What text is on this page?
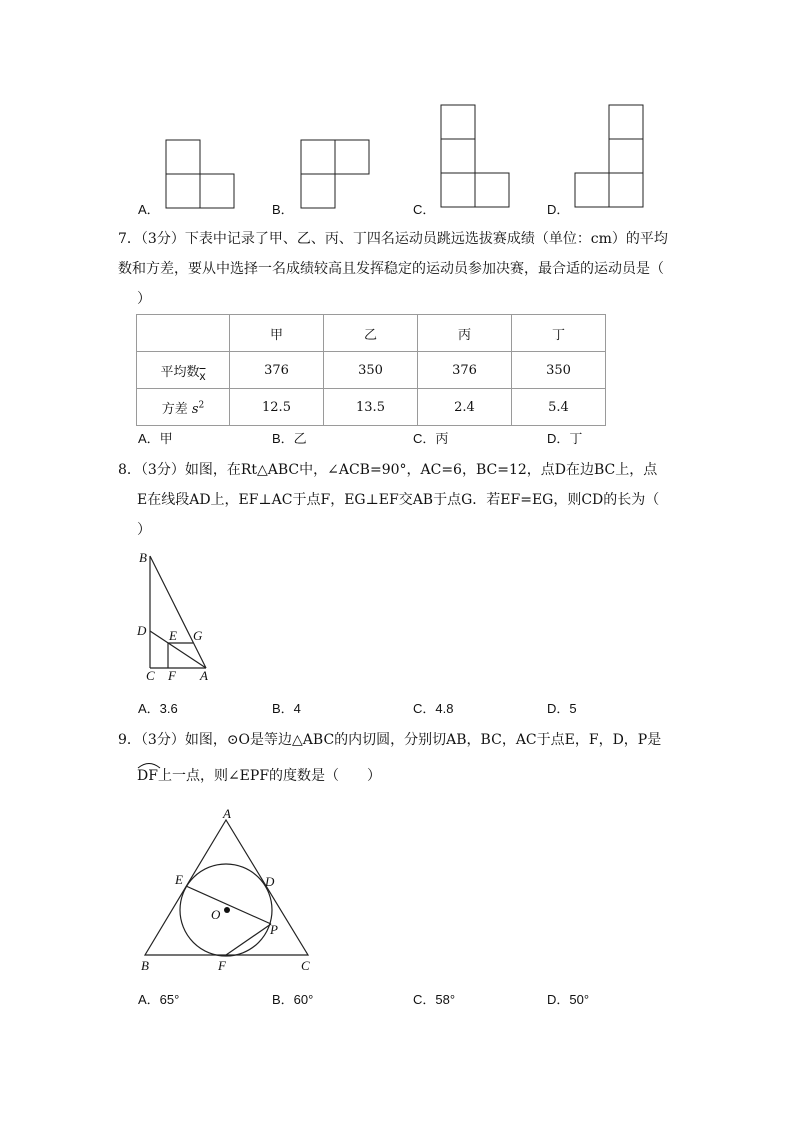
A．	B．	C．	D．
7．（3分）下表中记录了甲、乙、丙、丁四名运动员跳远选拔赛成绩（单位：cm）的平均
数和方差，要从中选择一名成绩较高且发挥稳定的运动员参加决赛，最合适的运动员是（
）
	甲	乙	丙	丁
平均数$\overline{x}$	376	350	376	350
方差 $s^2$	12.5	13.5	2.4	5.4
A．甲	B．乙	C．丙	D．丁
8．（3分）如图，在Rt△ABC中，∠ACB=90°，AC=6，BC=12，点D在边BC上，点
E在线段AD上，EF⊥AC于点F，EG⊥EF交AB于点G．若EF=EG，则CD的长为（
）
B
D E G
C F A
A．3.6	B．4	C．4.8	D．5
9．（3分）如图，⊙O是等边△ABC的内切圆，分别切AB，BC，AC于点E，F，D，P是
DF上一点，则∠EPF的度数是（　　）
A
E	D
O
P
B	F	C
A．65°	B．60°	C．58°	D．50°
